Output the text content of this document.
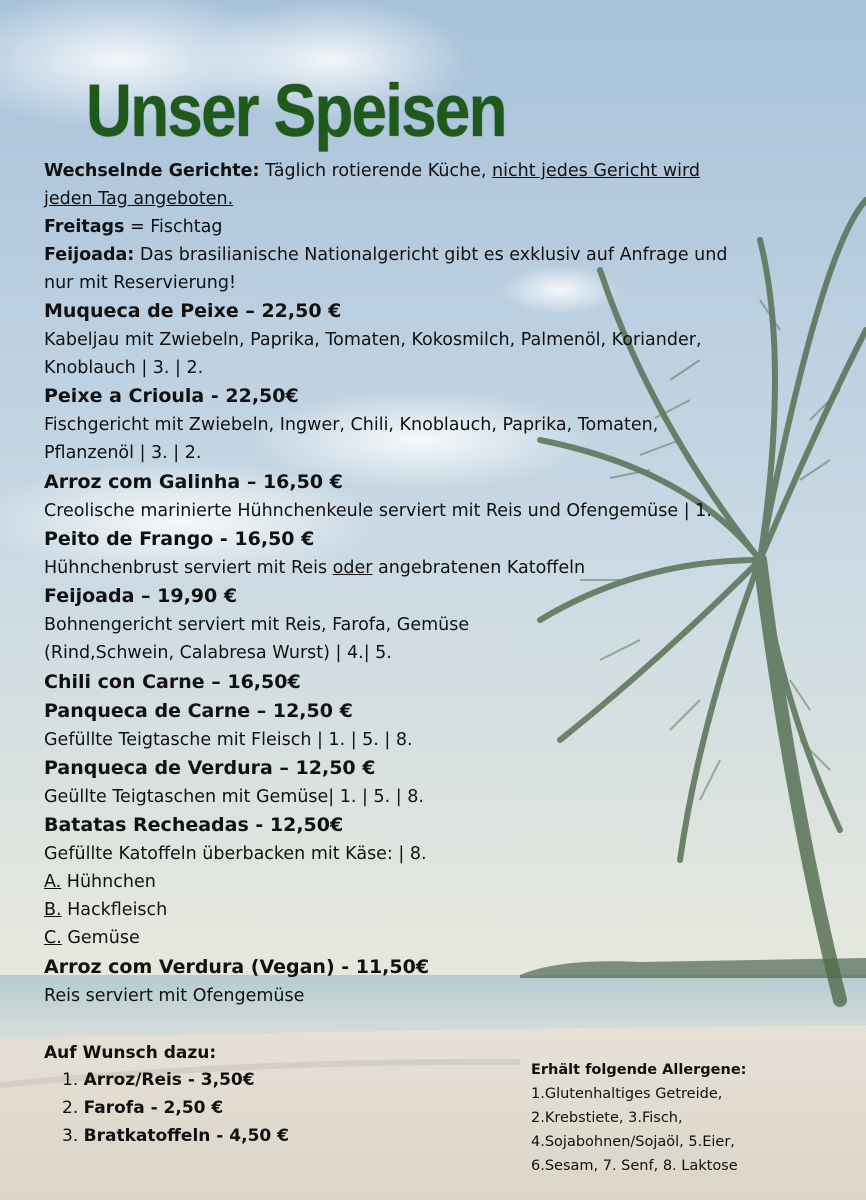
Unser Speisen
Wechselnde Gerichte: Täglich rotierende Küche, nicht jedes Gericht wird
jeden Tag angeboten.
Freitags = Fischtag
Feijoada: Das brasilianische Nationalgericht gibt es exklusiv auf Anfrage und
nur mit Reservierung!
Muqueca de Peixe – 22,50 €
Kabeljau mit Zwiebeln, Paprika, Tomaten, Kokosmilch, Palmenöl, Koriander,
Knoblauch | 3. | 2.
Peixe a Crioula - 22,50€
Fischgericht mit Zwiebeln, Ingwer, Chili, Knoblauch, Paprika, Tomaten,
Pflanzenöl | 3. | 2.
Arroz com Galinha – 16,50 €
Creolische marinierte Hühnchenkeule serviert mit Reis und Ofengemüse | 1.
Peito de Frango - 16,50 €
Hühnchenbrust serviert mit Reis oder angebratenen Katoffeln
Feijoada – 19,90 €
Bohnengericht serviert mit Reis, Farofa, Gemüse
(Rind,Schwein, Calabresa Wurst) | 4.| 5.
Chili con Carne – 16,50€
Panqueca de Carne – 12,50 €
Gefüllte Teigtasche mit Fleisch | 1. | 5. | 8.
Panqueca de Verdura – 12,50 €
Geüllte Teigtaschen mit Gemüse| 1. | 5. | 8.
Batatas Recheadas - 12,50€
Gefüllte Katoffeln überbacken mit Käse: | 8.
A. Hühnchen
B. Hackfleisch
C. Gemüse
Arroz com Verdura (Vegan) - 11,50€
Reis serviert mit Ofengemüse
Auf Wunsch dazu:
1. Arroz/Reis - 3,50€
2. Farofa - 2,50 €
3. Bratkatoffeln - 4,50 €
Erhält folgende Allergene:
1.Glutenhaltiges Getreide,
2.Krebstiete, 3.Fisch,
4.Sojabohnen/Sojaöl, 5.Eier,
6.Sesam, 7. Senf, 8. Laktose
